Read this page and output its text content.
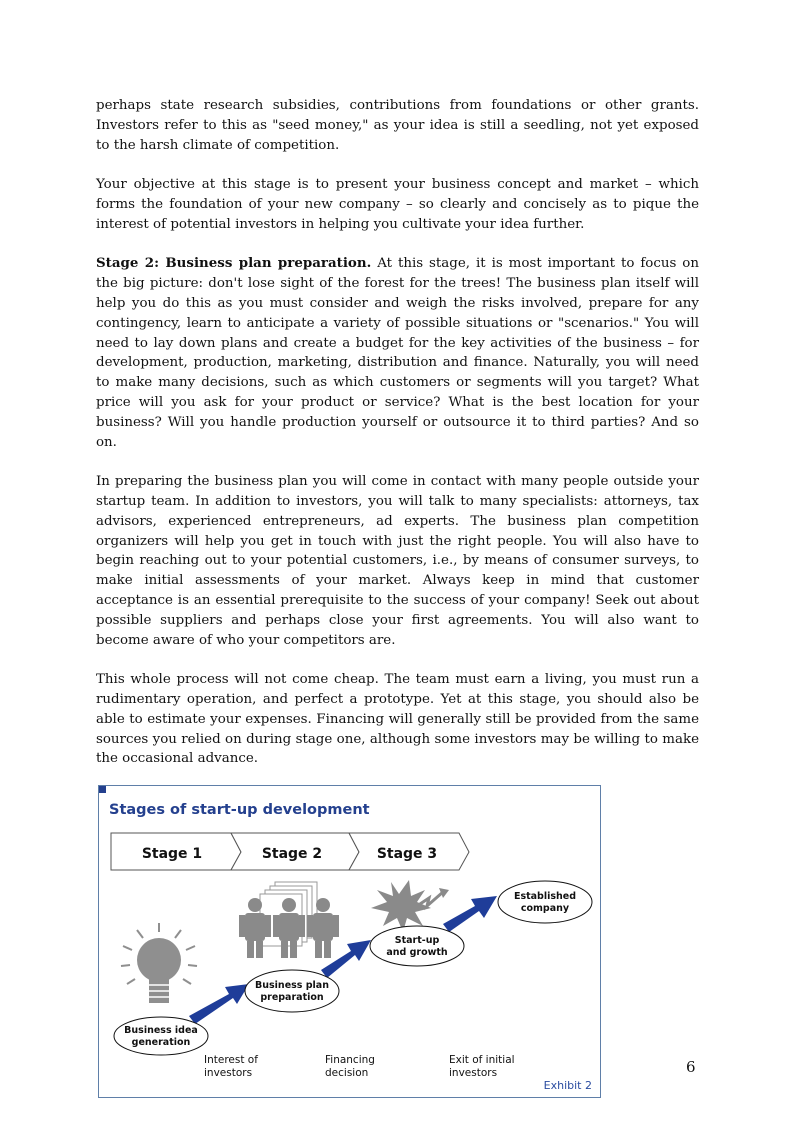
perhaps state research subsidies, contributions from foundations or other grants. Investors refer to this as "seed money," as your idea is still a seedling, not yet exposed to the harsh climate of competition.

Your objective at this stage is to present your business concept and market – which forms the foundation of your new company – so clearly and concisely as to pique the interest of potential investors in helping you cultivate your idea further.

Stage 2: Business plan preparation. At this stage, it is most important to focus on the big picture: don't lose sight of the forest for the trees! The business plan itself will help you do this as you must consider and weigh the risks involved, prepare for any contingency, learn to anticipate a variety of possible situations or "scenarios." You will need to lay down plans and create a budget for the key activities of the business – for development, production, marketing, distribution and finance. Naturally, you will need to make many decisions, such as which customers or segments will you target? What price will you ask for your product or service? What is the best location for your business? Will you handle production yourself or outsource it to third parties? And so on.

In preparing the business plan you will come in contact with many people outside your startup team. In addition to investors, you will talk to many specialists: attorneys, tax advisors, experienced entrepreneurs, ad experts. The business plan competition organizers will help you get in touch with just the right people. You will also have to begin reaching out to your potential customers, i.e., by means of consumer surveys, to make initial assessments of your market. Always keep in mind that customer acceptance is an essential prerequisite to the success of your company! Seek out about possible suppliers and perhaps close your first agreements. You will also want to become aware of who your competitors are.

This whole process will not come cheap. The team must earn a living, you must run a rudimentary operation, and perfect a prototype. Yet at this stage, you should also be able to estimate your expenses. Financing will generally still be provided from the same sources you relied on during stage one, although some investors may be willing to make the occasional advance.

Stages of start-up development
Stage 1	Stage 2	Stage 3
Business idea
generation
Business plan
preparation
Start-up
and growth
Established
company
Interest of
investors
Financing
decision
Exit of initial
investors
Exhibit 2
6
